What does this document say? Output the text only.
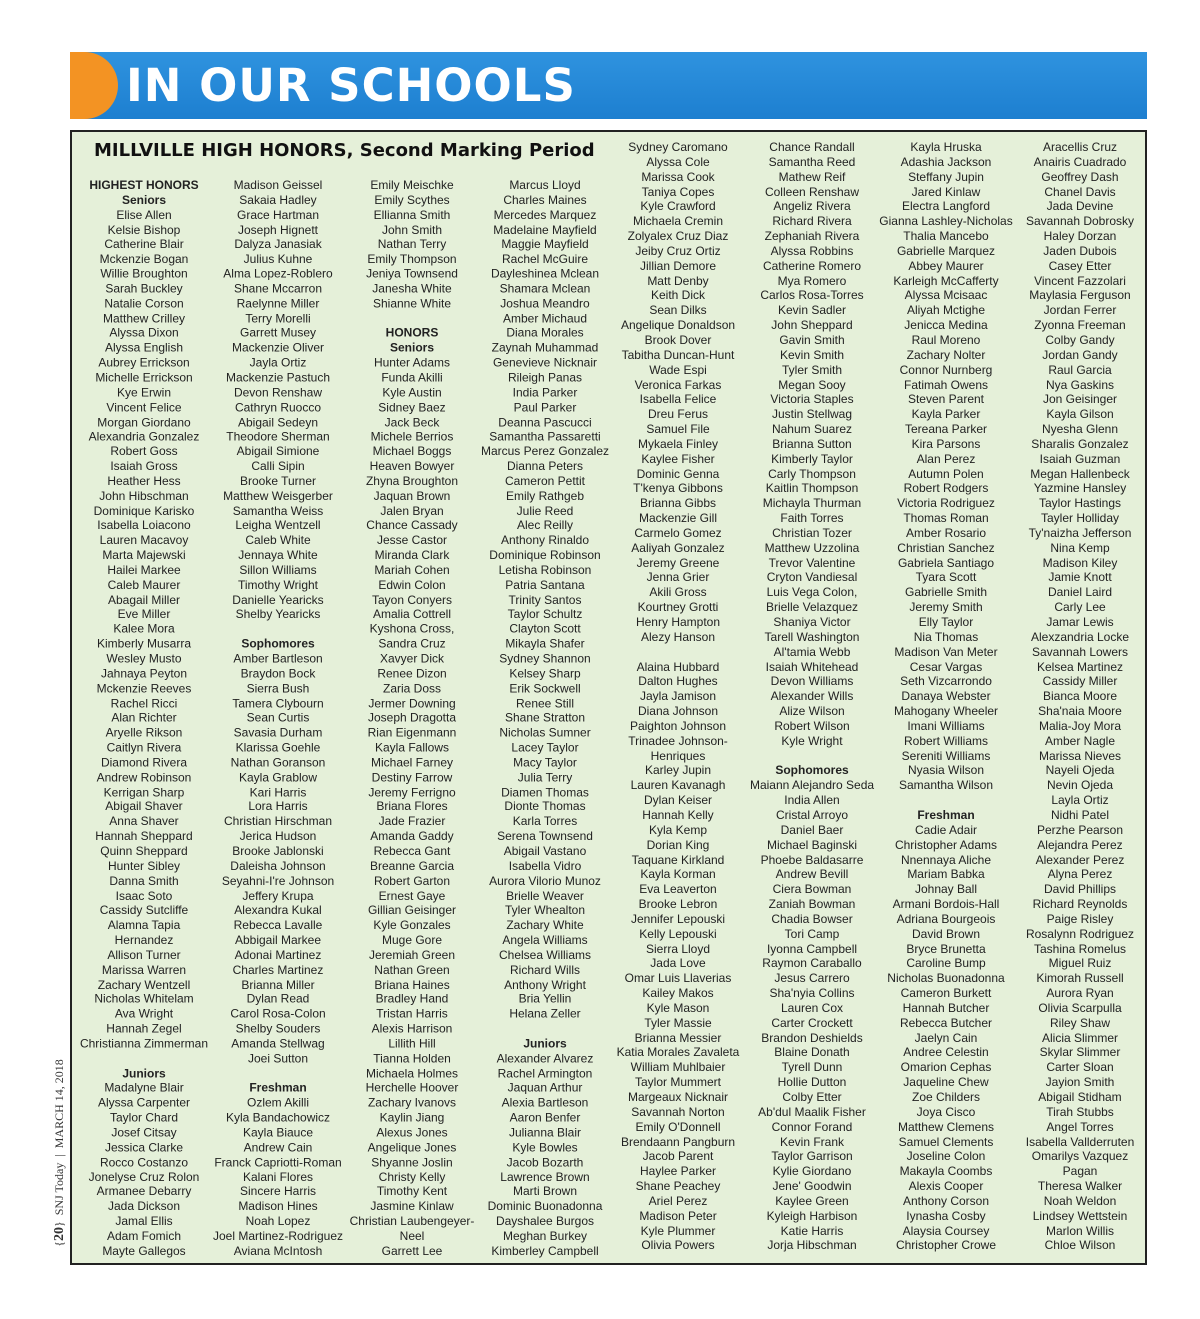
IN OUR SCHOOLS
{20}  SNJ Today  |  MARCH 14, 2018
MILLVILLE HIGH HONORS, Second Marking Period
HIGHEST HONORS
Seniors
Elise Allen
Kelsie Bishop
Catherine Blair
Mckenzie Bogan
Willie Broughton
Sarah Buckley
Natalie Corson
Matthew Crilley
Alyssa Dixon
Alyssa English
Aubrey Errickson
Michelle Errickson
Kye Erwin
Vincent Felice
Morgan Giordano
Alexandria Gonzalez
Robert Goss
Isaiah Gross
Heather Hess
John Hibschman
Dominique Karisko
Isabella Loiaconο
Lauren Macavoy
Marta Majewski
Hailei Markee
Caleb Maurer
Abagail Miller
Eve Miller
Kalee Mora
Kimberly Musarra
Wesley Musto
Jahnaya Peyton
Mckenzie Reeves
Rachel Ricci
Alan Richter
Aryelle Rikson
Caitlyn Rivera
Diamond Rivera
Andrew Robinson
Kerrigan Sharp
Abigail Shaver
Anna Shaver
Hannah Sheppard
Quinn Sheppard
Hunter Sibley
Danna Smith
Isaac Soto
Cassidy Sutcliffe
Alamna Tapia
Hernandez
Allison Turner
Marissa Warren
Zachary Wentzell
Nicholas Whitelam
Ava Wright
Hannah Zegel
Christianna Zimmerman
Juniors
Madalyne Blair
Alyssa Carpenter
Taylor Chard
Josef Citsay
Jessica Clarke
Rocco Costanzo
Jonelyse Cruz Rolon
Armanee Debarry
Jada Dickson
Jamal Ellis
Adam Fomich
Mayte Gallegos
Madison Geissel
Sakaia Hadley
Grace Hartman
Joseph Hignett
Dalyza Janasiak
Julius Kuhne
Alma Lopez-Roblero
Shane Mccarron
Raelynne Miller
Terry Morelli
Garrett Musey
Mackenzie Oliver
Jayla Ortiz
Mackenzie Pastuch
Devon Renshaw
Cathryn Ruocco
Abigail Sedeyn
Theodore Sherman
Abigail Simione
Calli Sipin
Brooke Turner
Matthew Weisgerber
Samantha Weiss
Leigha Wentzell
Caleb White
Jennaya White
Sillon Williams
Timothy Wright
Danielle Yearicks
Shelby Yearicks
Sophomores
Amber Bartleson
Braydon Bock
Sierra Bush
Tamera Clybourn
Sean Curtis
Savasia Durham
Klarissa Goehle
Nathan Goranson
Kayla Grablow
Kari Harris
Lora Harris
Christian Hirschman
Jerica Hudson
Brooke Jablonski
Daleisha Johnson
Seyahni-I're Johnson
Jeffery Krupa
Alexandra Kukal
Rebecca Lavalle
Abbigail Markee
Adonai Martinez
Charles Martinez
Brianna Miller
Dylan Read
Carol Rosa-Colon
Shelby Souders
Amanda Stellwag
Joei Sutton
Freshman
Ozlem Akilli
Kyla Bandachowicz
Kayla Biauce
Andrew Cain
Franck Capriotti-Roman
Kalani Flores
Sincere Harris
Madison Hines
Noah Lopez
Joel Martinez-Rodriguez
Aviana McIntosh
Emily Meischke
Emily Scythes
Ellianna Smith
John Smith
Nathan Terry
Emily Thompson
Jeniya Townsend
Janesha White
Shianne White
HONORS
Seniors
Hunter Adams
Funda Akilli
Kyle Austin
Sidney Baez
Jack Beck
Michele Berrios
Michael Boggs
Heaven Bowyer
Zhyna Broughton
Jaquan Brown
Jalen Bryan
Chance Cassady
Jesse Castor
Miranda Clark
Mariah Cohen
Edwin Colon
Tayon Conyers
Amalia Cottrell
Kyshona Cross,
Sandra Cruz
Xavyer Dick
Renee Dizon
Zaria Doss
Jermer Downing
Joseph Dragotta
Rian Eigenmann
Kayla Fallows
Michael Farney
Destiny Farrow
Jeremy Ferrigno
Briana Flores
Jade Frazier
Amanda Gaddy
Rebecca Gant
Breanne Garcia
Robert Garton
Ernest Gaye
Gillian Geisinger
Kyle Gonzales
Muge Gore
Jeremiah Green
Nathan Green
Briana Haines
Bradley Hand
Tristan Harris
Alexis Harrison
Lillith Hill
Tianna Holden
Michaela Holmes
Herchelle Hoover
Zachary Ivanovs
Kaylin Jiang
Alexus Jones
Angelique Jones
Shyanne Joslin
Christy Kelly
Timothy Kent
Jasmine Kinlaw
Christian Laubengeyer-
Neel
Garrett Lee
Marcus Lloyd
Charles Maines
Mercedes Marquez
Madelaine Mayfield
Maggie Mayfield
Rachel McGuire
Dayleshinea Mclean
Shamara Mclean
Joshua Meandro
Amber Michaud
Diana Morales
Zaynah Muhammad
Genevieve Nicknair
Rileigh Panas
India Parker
Paul Parker
Deanna Pascucci
Samantha Passaretti
Marcus Perez Gonzalez
Dianna Peters
Cameron Pettit
Emily Rathgeb
Julie Reed
Alec Reilly
Anthony Rinaldo
Dominique Robinson
Letisha Robinson
Patria Santana
Trinity Santos
Taylor Schultz
Clayton Scott
Mikayla Shafer
Sydney Shannon
Kelsey Sharp
Erik Sockwell
Renee Still
Shane Stratton
Nicholas Sumner
Lacey Taylor
Macy Taylor
Julia Terry
Diamen Thomas
Dionte Thomas
Karla Torres
Serena Townsend
Abigail Vastano
Isabella Vidro
Aurora Vilorio Munoz
Brielle Weaver
Tyler Whealton
Zachary White
Angela Williams
Chelsea Williams
Richard Wills
Anthony Wright
Bria Yellin
Helana Zeller
Juniors
Alexander Alvarez
Rachel Armington
Jaquan Arthur
Alexia Bartleson
Aaron Benfer
Julianna Blair
Kyle Bowles
Jacob Bozarth
Lawrence Brown
Marti Brown
Dominic Buonadonna
Dayshalee Burgos
Meghan Burkey
Kimberley Campbell
Sydney Caromano
Alyssa Cole
Marissa Cook
Taniya Copes
Kyle Crawford
Michaela Cremin
Zolyalex Cruz Diaz
Jeiby Cruz Ortiz
Jillian Demore
Matt Denby
Keith Dick
Sean Dilks
Angelique Donaldson
Brook Dover
Tabitha Duncan-Hunt
Wade Espi
Veronica Farkas
Isabella Felice
Dreu Ferus
Samuel File
Mykaela Finley
Kaylee Fisher
Dominic Genna
T'kenya Gibbons
Brianna Gibbs
Mackenzie Gill
Carmelo Gomez
Aaliyah Gonzalez
Jeremy Greene
Jenna Grier
Akili Gross
Kourtney Grotti
Henry Hampton
Alezy Hanson
Alaina Hubbard
Dalton Hughes
Jayla Jamison
Diana Johnson
Paighton Johnson
Trinadee Johnson-
Henriques
Karley Jupin
Lauren Kavanagh
Dylan Keiser
Hannah Kelly
Kyla Kemp
Dorian King
Taquane Kirkland
Kayla Korman
Eva Leaverton
Brooke Lebron
Jennifer Lepouski
Kelly Lepouski
Sierra Lloyd
Jada Love
Omar Luis Llaverias
Kailey Makos
Kyle Mason
Tyler Massie
Brianna Messier
Katia Morales Zavaleta
William Muhlbaier
Taylor Mummert
Margeaux Nicknair
Savannah Norton
Emily O'Donnell
Brendaann Pangburn
Jacob Parent
Haylee Parker
Shane Peachey
Ariel Perez
Madison Peter
Kyle Plummer
Olivia Powers
Chance Randall
Samantha Reed
Mathew Reif
Colleen Renshaw
Angeliz Rivera
Richard Rivera
Zephaniah Rivera
Alyssa Robbins
Catherine Romero
Mya Romero
Carlos Rosa-Torres
Kevin Sadler
John Sheppard
Gavin Smith
Kevin Smith
Tyler Smith
Megan Sooy
Victoria Staples
Justin Stellwag
Nahum Suarez
Brianna Sutton
Kimberly Taylor
Carly Thompson
Kaitlin Thompson
Michayla Thurman
Faith Torres
Christian Tozer
Matthew Uzzolina
Trevor Valentine
Cryton Vandiesal
Luis Vega Colon,
Brielle Velazquez
Shaniya Victor
Tarell Washington
Al'tamia Webb
Isaiah Whitehead
Devon Williams
Alexander Wills
Alize Wilson
Robert Wilson
Kyle Wright
Sophomores
Maiann Alejandro Seda
India Allen
Cristal Arroyo
Daniel Baer
Michael Baginski
Phoebe Baldasarre
Andrew Bevill
Ciera Bowman
Zaniah Bowman
Chadia Bowser
Tori Camp
Iyonna Campbell
Raymon Caraballo
Jesus Carrero
Sha'nyia Collins
Lauren Cox
Carter Crockett
Brandon Deshields
Blaine Donath
Tyrell Dunn
Hollie Dutton
Colby Etter
Ab'dul Maalik Fisher
Connor Forand
Kevin Frank
Taylor Garrison
Kylie Giordano
Jene' Goodwin
Kaylee Green
Kyleigh Harbison
Katie Harris
Jorja Hibschman
Kayla Hruska
Adashia Jackson
Steffany Jupin
Jared Kinlaw
Electra Langford
Gianna Lashley-Nicholas
Thalia Mancebo
Gabrielle Marquez
Abbey Maurer
Karleigh McCafferty
Alyssa Mcisaac
Aliyah Mctighe
Jenicca Medina
Raul Moreno
Zachary Nolter
Connor Nurnberg
Fatimah Owens
Steven Parent
Kayla Parker
Tereana Parker
Kira Parsons
Alan Perez
Autumn Polen
Robert Rodgers
Victoria Rodriguez
Thomas Roman
Amber Rosario
Christian Sanchez
Gabriela Santiago
Tyara Scott
Gabrielle Smith
Jeremy Smith
Elly Taylor
Nia Thomas
Madison Van Meter
Cesar Vargas
Seth Vizcarrondo
Danaya Webster
Mahogany Wheeler
Imani Williams
Robert Williams
Sereniti Williams
Nyasia Wilson
Samantha Wilson
Freshman
Cadie Adair
Christopher Adams
Nnennaya Aliche
Mariam Babka
Johnay Ball
Armani Bordois-Hall
Adriana Bourgeois
David Brown
Bryce Brunetta
Caroline Bump
Nicholas Buonadonna
Cameron Burkett
Hannah Butcher
Rebecca Butcher
Jaelyn Cain
Andree Celestin
Omarion Cephas
Jaqueline Chew
Zoe Childers
Joya Cisco
Matthew Clemens
Samuel Clements
Joseline Colon
Makayla Coombs
Alexis Cooper
Anthony Corson
Iynasha Cosby
Alaysia Coursey
Christopher Crowe
Aracellis Cruz
Anairis Cuadrado
Geoffrey Dash
Chanel Davis
Jada Devine
Savannah Dobrosky
Haley Dorzan
Jaden Dubois
Casey Etter
Vincent Fazzolari
Maylasia Ferguson
Jordan Ferrer
Zyonna Freeman
Colby Gandy
Jordan Gandy
Raul Garcia
Nya Gaskins
Jon Geisinger
Kayla Gilson
Nyesha Glenn
Sharalis Gonzalez
Isaiah Guzman
Megan Hallenbeck
Yazmine Hansley
Taylor Hastings
Tayler Holliday
Ty'naizha Jefferson
Nina Kemp
Madison Kiley
Jamie Knott
Daniel Laird
Carly Lee
Jamar Lewis
Alexzandria Locke
Savannah Lowers
Kelsea Martinez
Cassidy Miller
Bianca Moore
Sha'naia Moore
Malia-Joy Mora
Amber Nagle
Marissa Nieves
Nayeli Ojeda
Nevin Ojeda
Layla Ortiz
Nidhi Patel
Perzhe Pearson
Alejandra Perez
Alexander Perez
Alyna Perez
David Phillips
Richard Reynolds
Paige Risley
Rosalynn Rodriguez
Tashina Romelus
Miguel Ruiz
Kimorah Russell
Aurora Ryan
Olivia Scarpulla
Riley Shaw
Alicia Slimmer
Skylar Slimmer
Carter Sloan
Jayion Smith
Abigail Stidham
Tirah Stubbs
Angel Torres
Isabella Vallderruten
Omarilys Vazquez
Pagan
Theresa Walker
Noah Weldon
Lindsey Wettstein
Marlon Willis
Chloe Wilson
